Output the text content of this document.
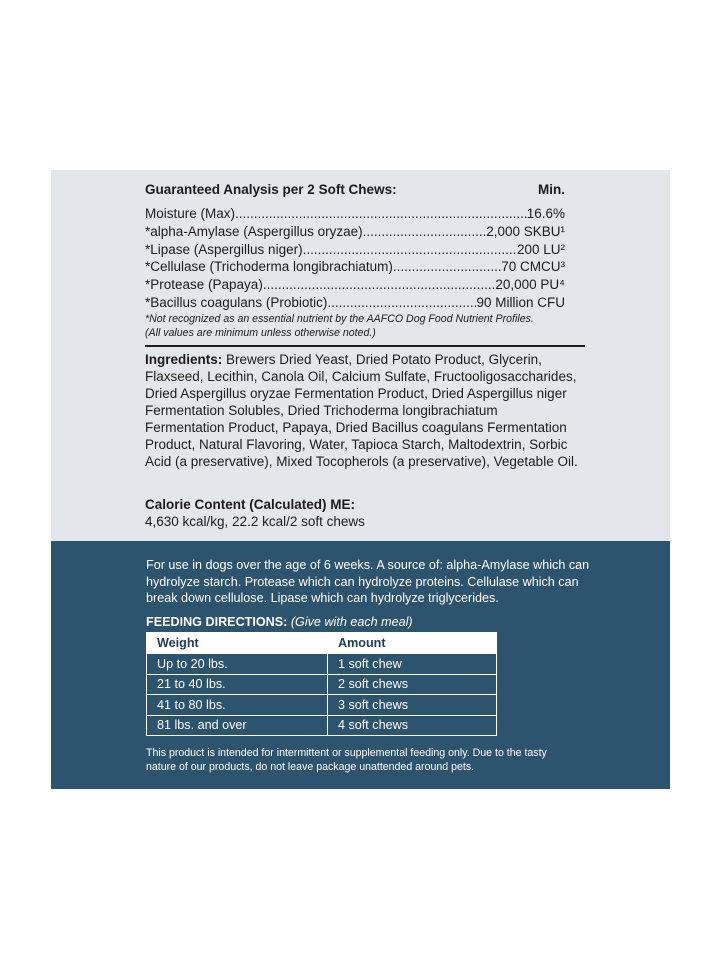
Guaranteed Analysis per 2 Soft Chews:	Min.
Moisture (Max) .....	16.6%
*alpha-Amylase (Aspergillus oryzae) .....	2,000 SKBU¹
*Lipase (Aspergillus niger) .....	200 LU²
*Cellulase (Trichoderma longibrachiatum) .....	70 CMCU³
*Protease (Papaya) .....	20,000 PU⁴
*Bacillus coagulans (Probiotic) .....	90 Million CFU
*Not recognized as an essential nutrient by the AAFCO Dog Food Nutrient Profiles.
(All values are minimum unless otherwise noted.)
Ingredients: Brewers Dried Yeast, Dried Potato Product, Glycerin, Flaxseed, Lecithin, Canola Oil, Calcium Sulfate, Fructooligosaccharides, Dried Aspergillus oryzae Fermentation Product, Dried Aspergillus niger Fermentation Solubles, Dried Trichoderma longibrachiatum Fermentation Product, Papaya, Dried Bacillus coagulans Fermentation Product, Natural Flavoring, Water, Tapioca Starch, Maltodextrin, Sorbic Acid (a preservative), Mixed Tocopherols (a preservative), Vegetable Oil.
Calorie Content (Calculated) ME:
4,630 kcal/kg, 22.2 kcal/2 soft chews
For use in dogs over the age of 6 weeks. A source of: alpha-Amylase which can hydrolyze starch. Protease which can hydrolyze proteins. Cellulase which can break down cellulose. Lipase which can hydrolyze triglycerides.
FEEDING DIRECTIONS: (Give with each meal)
Weight	Amount
Up to 20 lbs.	1 soft chew
21 to 40 lbs.	2 soft chews
41 to 80 lbs.	3 soft chews
81 lbs. and over	4 soft chews
This product is intended for intermittent or supplemental feeding only. Due to the tasty nature of our products, do not leave package unattended around pets.
